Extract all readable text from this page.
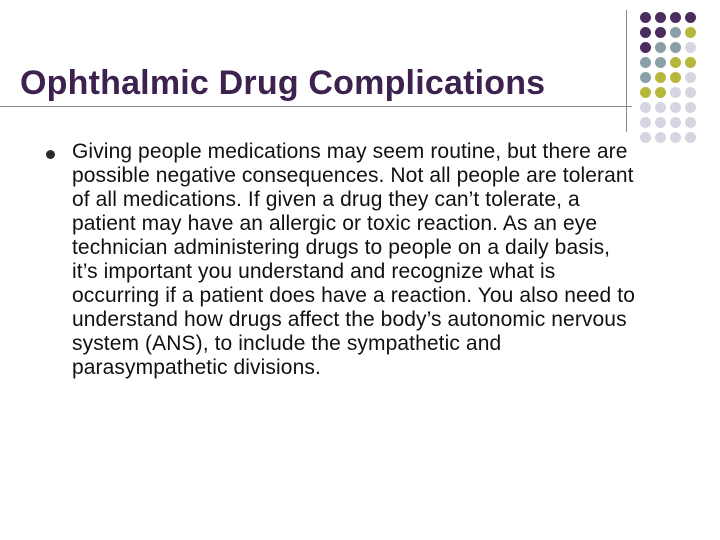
Ophthalmic Drug Complications

Giving people medications may seem routine, but there are possible negative consequences. Not all people are tolerant of all medications. If given a drug they can’t tolerate, a patient may have an allergic or toxic reaction. As an eye technician administering drugs to people on a daily basis, it’s important you understand and recognize what is occurring if a patient does have a reaction. You also need to understand how drugs affect the body’s autonomic nervous system (ANS), to include the sympathetic and parasympathetic divisions.
